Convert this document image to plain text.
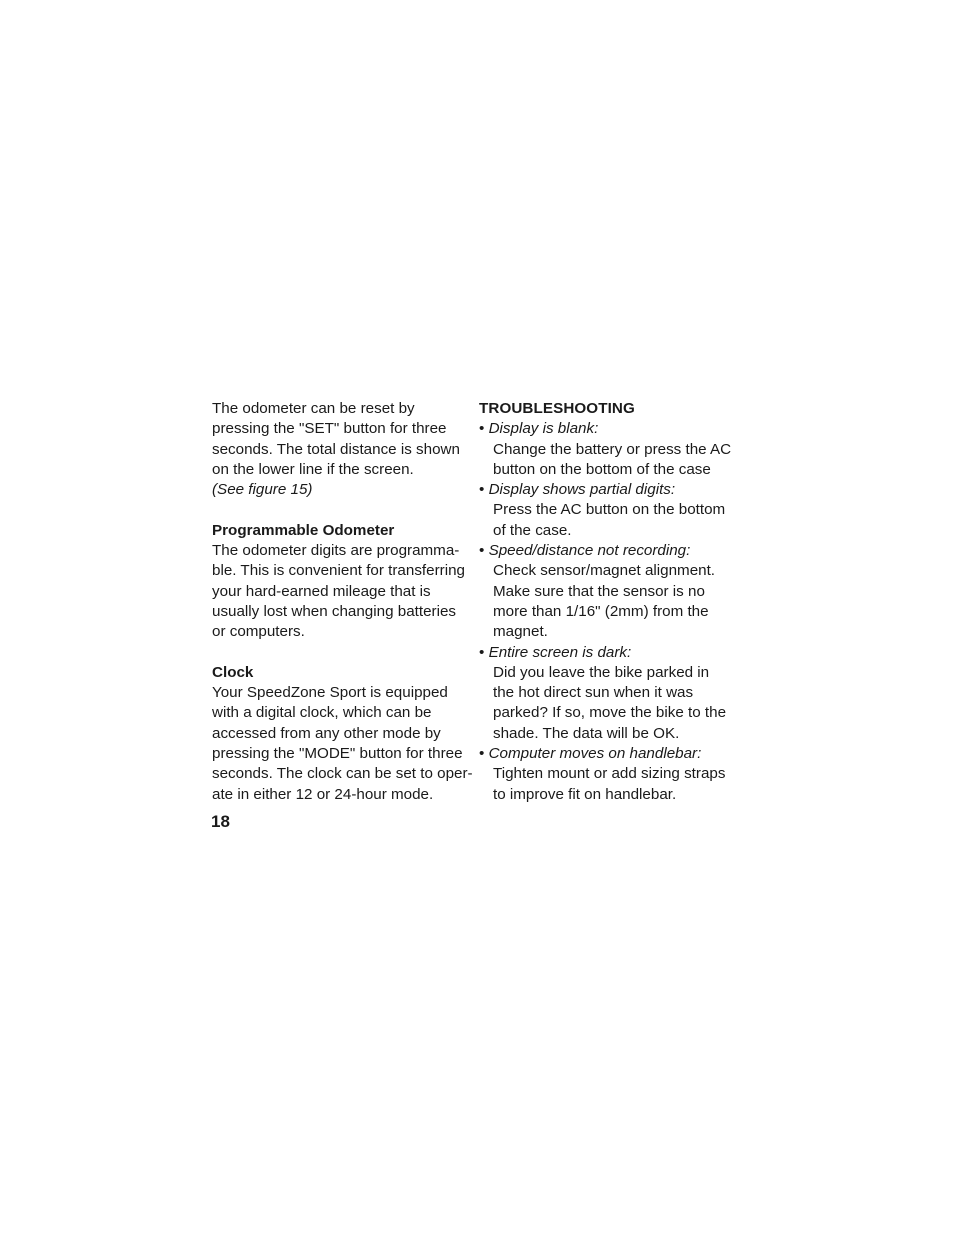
The odometer can be reset by
pressing the "SET" button for three
seconds. The total distance is shown
on the lower line if the screen.
(See figure 15)
Programmable Odometer
The odometer digits are programma-
ble. This is convenient for transferring
your hard-earned mileage that is
usually lost when changing batteries
or computers.
Clock
Your SpeedZone Sport is equipped
with a digital clock, which can be
accessed from any other mode by
pressing the "MODE" button for three
seconds. The clock can be set to oper-
ate in either 12 or 24-hour mode.
TROUBLESHOOTING
• Display is blank:
Change the battery or press the AC
button on the bottom of the case
• Display shows partial digits:
Press the AC button on the bottom
of the case.
• Speed/distance not recording:
Check sensor/magnet alignment.
Make sure that the sensor is no
more than 1/16" (2mm) from the
magnet.
• Entire screen is dark:
Did you leave the bike parked in
the hot direct sun when it was
parked? If so, move the bike to the
shade. The data will be OK.
• Computer moves on handlebar:
Tighten mount or add sizing straps
to improve fit on handlebar.
18
